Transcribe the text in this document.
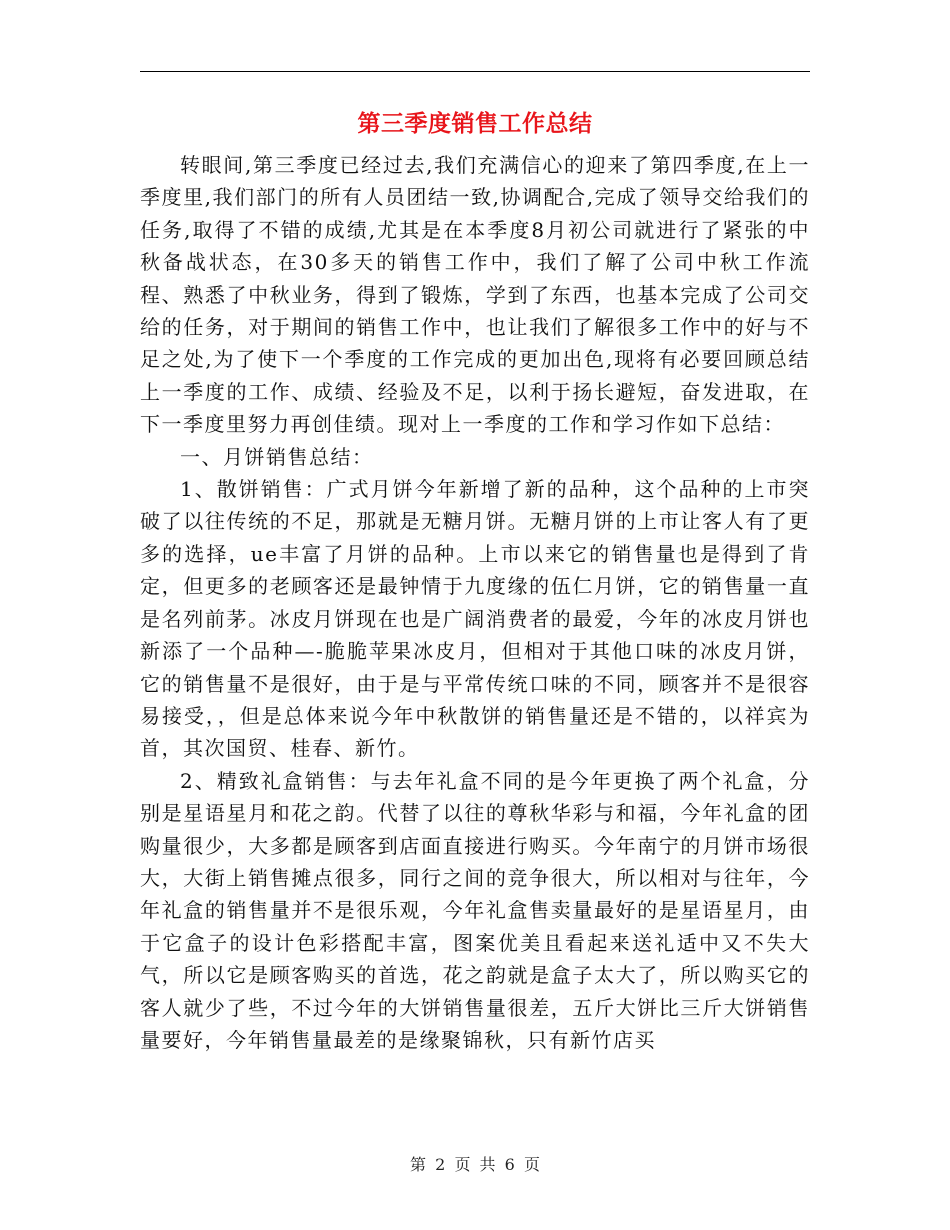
第三季度销售工作总结

转眼间,第三季度已经过去,我们充满信心的迎来了第四季度,在上一季度里,我们部门的所有人员团结一致,协调配合,完成了领导交给我们的任务,取得了不错的成绩,尤其是在本季度8月初公司就进行了紧张的中秋备战状态，在30多天的销售工作中，我们了解了公司中秋工作流程、熟悉了中秋业务，得到了锻炼，学到了东西，也基本完成了公司交给的任务，对于期间的销售工作中，也让我们了解很多工作中的好与不足之处,为了使下一个季度的工作完成的更加出色,现将有必要回顾总结上一季度的工作、成绩、经验及不足，以利于扬长避短，奋发进取，在下一季度里努力再创佳绩。现对上一季度的工作和学习作如下总结：

一、月饼销售总结：

1、散饼销售：广式月饼今年新增了新的品种，这个品种的上市突破了以往传统的不足，那就是无糖月饼。无糖月饼的上市让客人有了更多的选择，ue丰富了月饼的品种。上市以来它的销售量也是得到了肯定，但更多的老顾客还是最钟情于九度缘的伍仁月饼，它的销售量一直是名列前茅。冰皮月饼现在也是广阔消费者的最爱，今年的冰皮月饼也新添了一个品种—-脆脆苹果冰皮月，但相对于其他口味的冰皮月饼，它的销售量不是很好，由于是与平常传统口味的不同，顾客并不是很容易接受，，但是总体来说今年中秋散饼的销售量还是不错的，以祥宾为首，其次国贸、桂春、新竹。

2、精致礼盒销售：与去年礼盒不同的是今年更换了两个礼盒，分别是星语星月和花之韵。代替了以往的尊秋华彩与和福，今年礼盒的团购量很少，大多都是顾客到店面直接进行购买。今年南宁的月饼市场很大，大街上销售摊点很多，同行之间的竞争很大，所以相对与往年，今年礼盒的销售量并不是很乐观，今年礼盒售卖量最好的是星语星月，由于它盒子的设计色彩搭配丰富，图案优美且看起来送礼适中又不失大气，所以它是顾客购买的首选，花之韵就是盒子太大了，所以购买它的客人就少了些，不过今年的大饼销售量很差，五斤大饼比三斤大饼销售量要好，今年销售量最差的是缘聚锦秋，只有新竹店买

第 2 页 共 6 页
